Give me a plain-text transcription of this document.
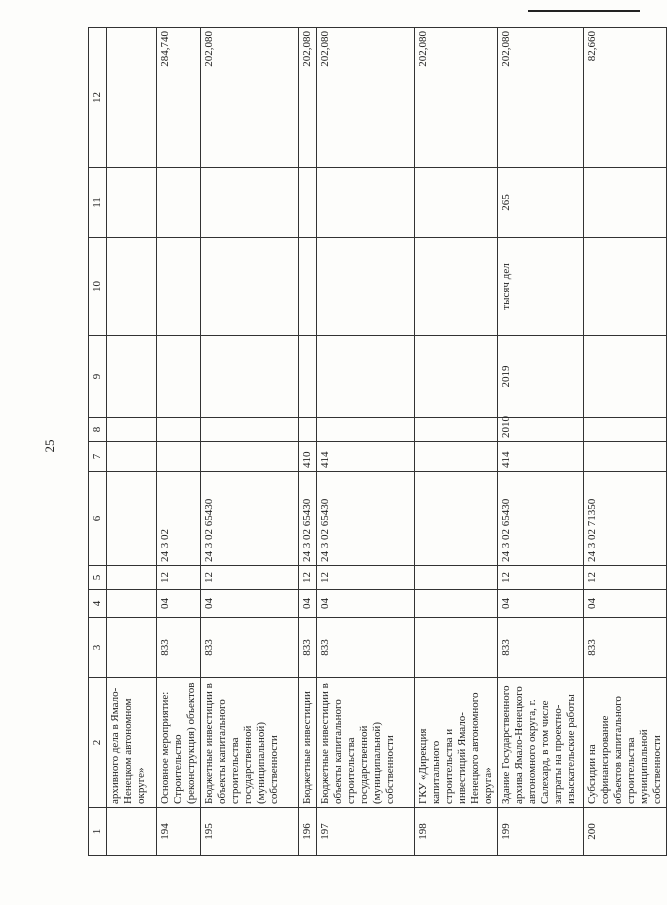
25
1	2	3	4	5	6	7	8	9	10	11	12

	архивного дела в Ямало-Ненецком автономном округе»										

194	Основное мероприятие: Строительство (реконструкция) объектов	833	04	12	24 3 02						284,740

195	Бюджетные инвестиции в объекты капитального строительства государственной (муниципальной) собственности	833	04	12	24 3 02 65430						202,080

196	Бюджетные инвестиции	833	04	12	24 3 02 65430	410					202,080

197	Бюджетные инвестиции в объекты капитального строительства государственной (муниципальной) собственности	833	04	12	24 3 02 65430	414					202,080

198	ГКУ «Дирекция капитального строительства и инвестиций Ямало-Ненецкого автономного округа»										202,080

199	Здание Государственного архива Ямало-Ненецкого автономного округа, г. Салехард, в том числе затраты на проектно-изыскательские работы	833	04	12	24 3 02 65430	414	2010	2019	тысяч дел	265	202,080

200	Субсидии на софинансирование объектов капитального строительства муниципальной собственности	833	04	12	24 3 02 71350						82,660
